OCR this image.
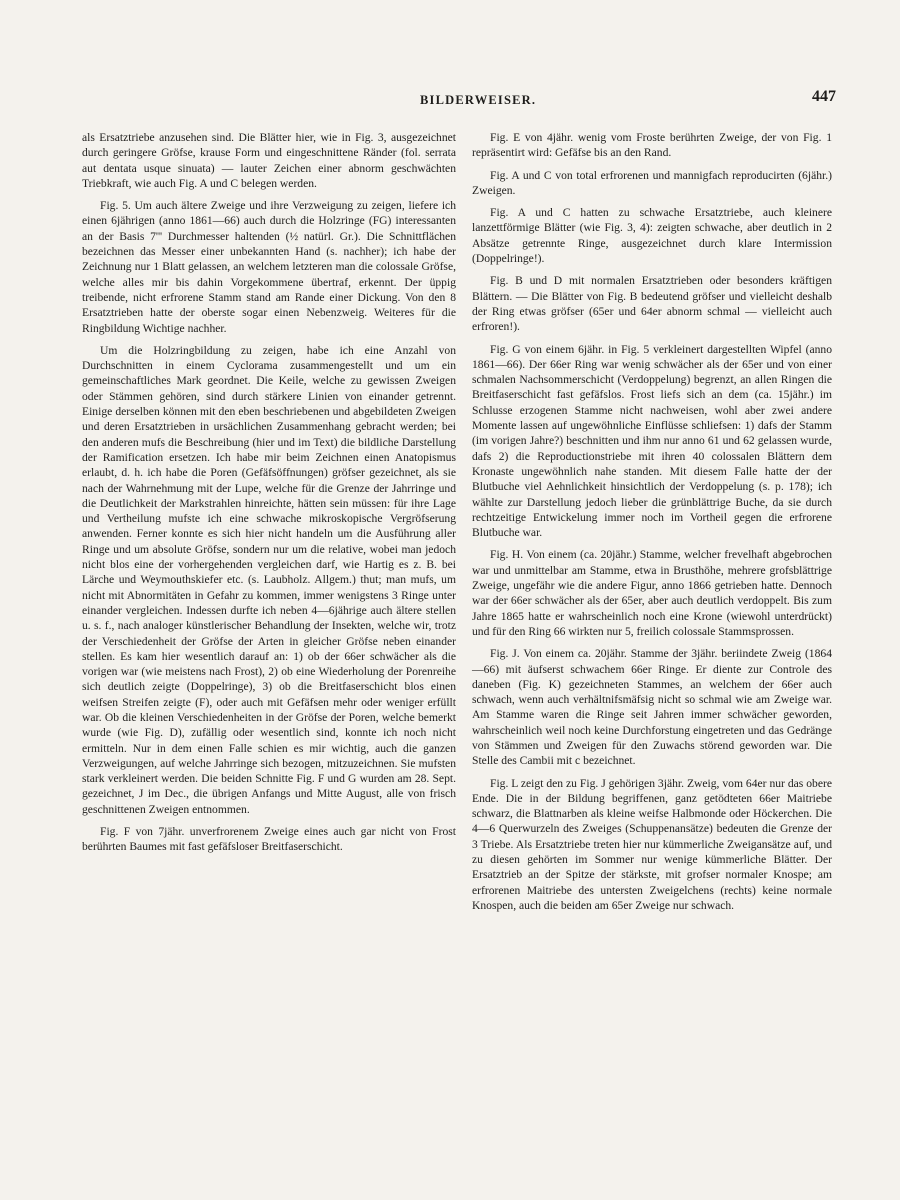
BILDERWEISER.	447

als Ersatztriebe anzusehen sind. Die Blätter hier, wie in Fig. 3, ausgezeichnet durch geringere Gröfse, krause Form und eingeschnittene Ränder (fol. serrata aut dentata usque sinuata) — lauter Zeichen einer abnorm geschwächten Triebkraft, wie auch Fig. A und C belegen werden.

Fig. 5. Um auch ältere Zweige und ihre Verzweigung zu zeigen, liefere ich einen 6jährigen (anno 1861—66) auch durch die Holzringe (FG) interessanten an der Basis 7''' Durchmesser haltenden (½ natürl. Gr.). Die Schnittflächen bezeichnen das Messer einer unbekannten Hand (s. nachher); ich habe der Zeichnung nur 1 Blatt gelassen, an welchem letzteren man die colossale Gröfse, welche alles mir bis dahin Vorgekommene übertraf, erkennt. Der üppig treibende, nicht erfrorene Stamm stand am Rande einer Dickung. Von den 8 Ersatztrieben hatte der oberste sogar einen Nebenzweig. Weiteres für die Ringbildung Wichtige nachher.

Um die Holzringbildung zu zeigen, habe ich eine Anzahl von Durchschnitten in einem Cyclorama zusammengestellt und um ein gemeinschaftliches Mark geordnet. Die Keile, welche zu gewissen Zweigen oder Stämmen gehören, sind durch stärkere Linien von einander getrennt. Einige derselben können mit den eben beschriebenen und abgebildeten Zweigen und deren Ersatztrieben in ursächlichen Zusammenhang gebracht werden; bei den anderen mufs die Beschreibung (hier und im Text) die bildliche Darstellung der Ramification ersetzen. Ich habe mir beim Zeichnen einen Anatopismus erlaubt, d. h. ich habe die Poren (Gefäfsöffnungen) gröfser gezeichnet, als sie nach der Wahrnehmung mit der Lupe, welche für die Grenze der Jahrringe und die Deutlichkeit der Markstrahlen hinreichte, hätten sein müssen: für ihre Lage und Vertheilung mufste ich eine schwache mikroskopische Vergröfserung anwenden. Ferner konnte es sich hier nicht handeln um die Ausführung aller Ringe und um absolute Gröfse, sondern nur um die relative, wobei man jedoch nicht blos eine der vorhergehenden vergleichen darf, wie Hartig es z. B. bei Lärche und Weymouthskiefer etc. (s. Laubholz. Allgem.) thut; man mufs, um nicht mit Abnormitäten in Gefahr zu kommen, immer wenigstens 3 Ringe unter einander vergleichen. Indessen durfte ich neben 4—6jährige auch ältere stellen u. s. f., nach analoger künstlerischer Behandlung der Insekten, welche wir, trotz der Verschiedenheit der Gröfse der Arten in gleicher Gröfse neben einander stellen. Es kam hier wesentlich darauf an: 1) ob der 66er schwächer als die vorigen war (wie meistens nach Frost), 2) ob eine Wiederholung der Porenreihe sich deutlich zeigte (Doppelringe), 3) ob die Breitfaserschicht blos einen weifsen Streifen zeigte (F), oder auch mit Gefäfsen mehr oder weniger erfüllt war. Ob die kleinen Verschiedenheiten in der Gröfse der Poren, welche bemerkt wurde (wie Fig. D), zufällig oder wesentlich sind, konnte ich noch nicht ermitteln. Nur in dem einen Falle schien es mir wichtig, auch die ganzen Verzweigungen, auf welche Jahrringe sich bezogen, mitzuzeichnen. Sie mufsten stark verkleinert werden. Die beiden Schnitte Fig. F und G wurden am 28. Sept. gezeichnet, J im Dec., die übrigen Anfangs und Mitte August, alle von frisch geschnittenen Zweigen entnommen.

Fig. F von 7jähr. unverfrorenem Zweige eines auch gar nicht von Frost berührten Baumes mit fast gefäfsloser Breitfaserschicht.

Fig. E von 4jähr. wenig vom Froste berührten Zweige, der von Fig. 1 repräsentirt wird: Gefäfse bis an den Rand.

Fig. A und C von total erfrorenen und mannigfach reproducirten (6jähr.) Zweigen.

Fig. A und C hatten zu schwache Ersatztriebe, auch kleinere lanzettförmige Blätter (wie Fig. 3, 4): zeigten schwache, aber deutlich in 2 Absätze getrennte Ringe, ausgezeichnet durch klare Intermission (Doppelringe!).

Fig. B und D mit normalen Ersatztrieben oder besonders kräftigen Blättern. — Die Blätter von Fig. B bedeutend gröfser und vielleicht deshalb der Ring etwas gröfser (65er und 64er abnorm schmal — vielleicht auch erfroren!).

Fig. G von einem 6jähr. in Fig. 5 verkleinert dargestellten Wipfel (anno 1861—66). Der 66er Ring war wenig schwächer als der 65er und von einer schmalen Nachsommerschicht (Verdoppelung) begrenzt, an allen Ringen die Breitfaserschicht fast gefäfslos. Frost liefs sich an dem (ca. 15jähr.) im Schlusse erzogenen Stamme nicht nachweisen, wohl aber zwei andere Momente lassen auf ungewöhnliche Einflüsse schliefsen: 1) dafs der Stamm (im vorigen Jahre?) beschnitten und ihm nur anno 61 und 62 gelassen wurde, dafs 2) die Reproductionstriebe mit ihren 40 colossalen Blättern dem Kronaste ungewöhnlich nahe standen. Mit diesem Falle hatte der der Blutbuche viel Aehnlichkeit hinsichtlich der Verdoppelung (s. p. 178); ich wählte zur Darstellung jedoch lieber die grünblättrige Buche, da sie durch rechtzeitige Entwickelung immer noch im Vortheil gegen die erfrorene Blutbuche war.

Fig. H. Von einem (ca. 20jähr.) Stamme, welcher frevelhaft abgebrochen war und unmittelbar am Stamme, etwa in Brusthöhe, mehrere grofsblättrige Zweige, ungefähr wie die andere Figur, anno 1866 getrieben hatte. Dennoch war der 66er schwächer als der 65er, aber auch deutlich verdoppelt. Bis zum Jahre 1865 hatte er wahrscheinlich noch eine Krone (wiewohl unterdrückt) und für den Ring 66 wirkten nur 5, freilich colossale Stammsprossen.

Fig. J. Von einem ca. 20jähr. Stamme der 3jähr. beriindete Zweig (1864—66) mit äufserst schwachem 66er Ringe. Er diente zur Controle des daneben (Fig. K) gezeichneten Stammes, an welchem der 66er auch schwach, wenn auch verhältnifsmäfsig nicht so schmal wie am Zweige war. Am Stamme waren die Ringe seit Jahren immer schwächer geworden, wahrscheinlich weil noch keine Durchforstung eingetreten und das Gedränge von Stämmen und Zweigen für den Zuwachs störend geworden war. Die Stelle des Cambii mit c bezeichnet.

Fig. L zeigt den zu Fig. J gehörigen 3jähr. Zweig, vom 64er nur das obere Ende. Die in der Bildung begriffenen, ganz getödteten 66er Maitriebe schwarz, die Blattnarben als kleine weifse Halbmonde oder Höckerchen. Die 4—6 Querwurzeln des Zweiges (Schuppenansätze) bedeuten die Grenze der 3 Triebe. Als Ersatztriebe treten hier nur kümmerliche Zweigansätze auf, und zu diesen gehörten im Sommer nur wenige kümmerliche Blätter. Der Ersatztrieb an der Spitze der stärkste, mit grofser normaler Knospe; am erfrorenen Maitriebe des untersten Zweigelchens (rechts) keine normale Knospen, auch die beiden am 65er Zweige nur schwach.
